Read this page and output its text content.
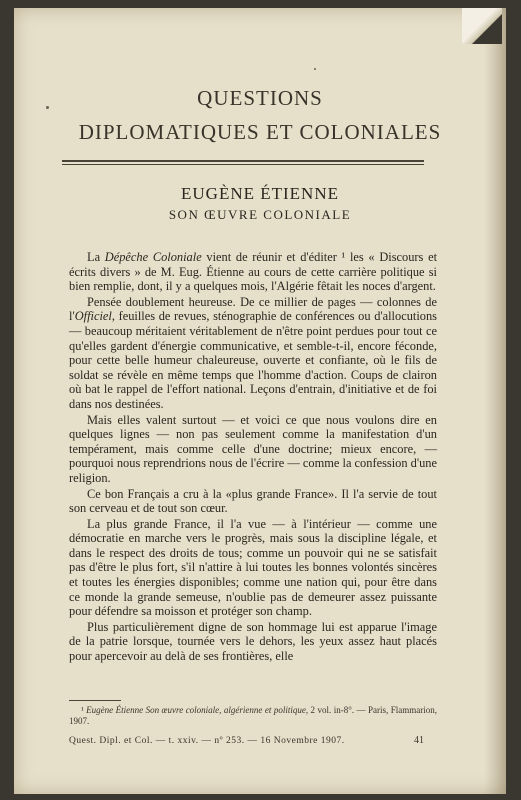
QUESTIONS
DIPLOMATIQUES ET COLONIALES
EUGÈNE ÉTIENNE
SON ŒUVRE COLONIALE

La Dépêche Coloniale vient de réunir et d'éditer ¹ les « Discours et écrits divers » de M. Eug. Étienne au cours de cette carrière politique si bien remplie, dont, il y a quelques mois, l'Algérie fêtait les noces d'argent.

Pensée doublement heureuse. De ce millier de pages — colonnes de l'Officiel, feuilles de revues, sténographie de conférences ou d'allocutions — beaucoup méritaient véritablement de n'être point perdues pour tout ce qu'elles gardent d'énergie communicative, et semble-t-il, encore féconde, pour cette belle humeur chaleureuse, ouverte et confiante, où le fils de soldat se révèle en même temps que l'homme d'action. Coups de clairon où bat le rappel de l'effort national. Leçons d'entrain, d'initiative et de foi dans nos destinées.

Mais elles valent surtout — et voici ce que nous voulons dire en quelques lignes — non pas seulement comme la manifestation d'un tempérament, mais comme celle d'une doctrine; mieux encore, — pourquoi nous reprendrions nous de l'écrire — comme la confession d'une religion.

Ce bon Français a cru à la «plus grande France». Il l'a servie de tout son cerveau et de tout son cœur.

La plus grande France, il l'a vue — à l'intérieur — comme une démocratie en marche vers le progrès, mais sous la discipline légale, et dans le respect des droits de tous; comme un pouvoir qui ne se satisfait pas d'être le plus fort, s'il n'attire à lui toutes les bonnes volontés sincères et toutes les énergies disponibles; comme une nation qui, pour être dans ce monde la grande semeuse, n'oublie pas de demeurer assez puissante pour défendre sa moisson et protéger son champ.

Plus particulièrement digne de son hommage lui est apparue l'image de la patrie lorsque, tournée vers le dehors, les yeux assez haut placés pour apercevoir au delà de ses frontières, elle

¹ Eugène Étienne Son œuvre coloniale, algérienne et politique, 2 vol. in-8°. — Paris, Flammarion, 1907.
Quest. Dipl. et Col. — t. xxiv. — nº 253. — 16 Novembre 1907.	41
